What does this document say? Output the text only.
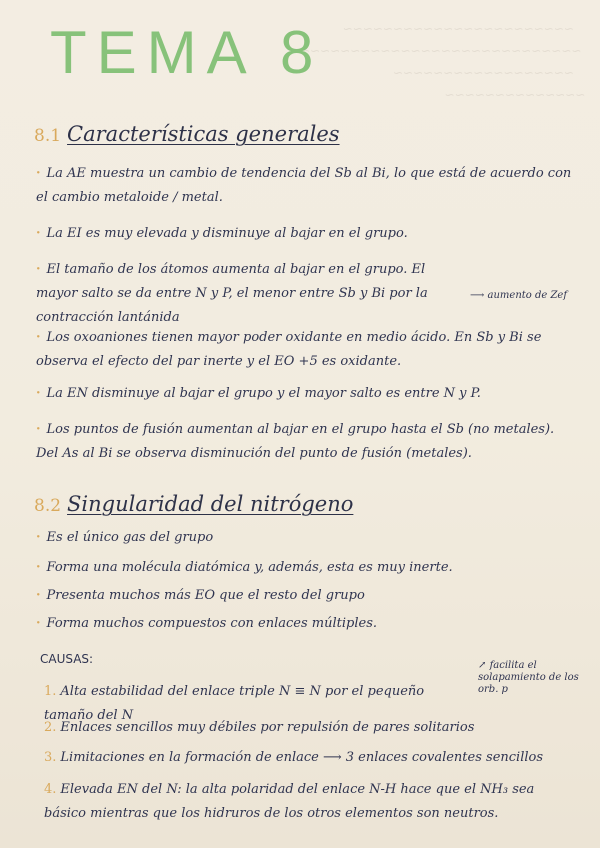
~~~~~~~~~~~~~~~~~~~~~~~
~~~~~~~~~~~~~~~~~~~~~~~~~~~~
~~~~~~~~~~~~~~~~~~
~~~~~~~~~~~~~~
TEMA 8
8.1 Características generales
· La AE muestra un cambio de tendencia del Sb al Bi, lo que está de acuerdo con el cambio metaloide / metal.
· La EI es muy elevada y disminuye al bajar en el grupo.
· El tamaño de los átomos aumenta al bajar en el grupo. El mayor salto se da entre N y P, el menor entre Sb y Bi por la contracción lantánida
⟶ aumento de Zef
· Los oxoaniones tienen mayor poder oxidante en medio ácido. En Sb y Bi se observa el efecto del par inerte y el EO +5 es oxidante.
· La EN disminuye al bajar el grupo y el mayor salto es entre N y P.
· Los puntos de fusión aumentan al bajar en el grupo hasta el Sb (no metales). Del As al Bi se observa disminución del punto de fusión (metales).
8.2 Singularidad del nitrógeno
· Es el único gas del grupo
· Forma una molécula diatómica y, además, esta es muy inerte.
· Presenta muchos más EO que el resto del grupo
· Forma muchos compuestos con enlaces múltiples.
CAUSAS:	↗ facilita el solapamiento de los orb. p
1. Alta estabilidad del enlace triple N ≡ N por el pequeño tamaño del N
2. Enlaces sencillos muy débiles por repulsión de pares solitarios
3. Limitaciones en la formación de enlace ⟶ 3 enlaces covalentes sencillos
4. Elevada EN del N: la alta polaridad del enlace N-H hace que el NH₃ sea básico mientras que los hidruros de los otros elementos son neutros.
